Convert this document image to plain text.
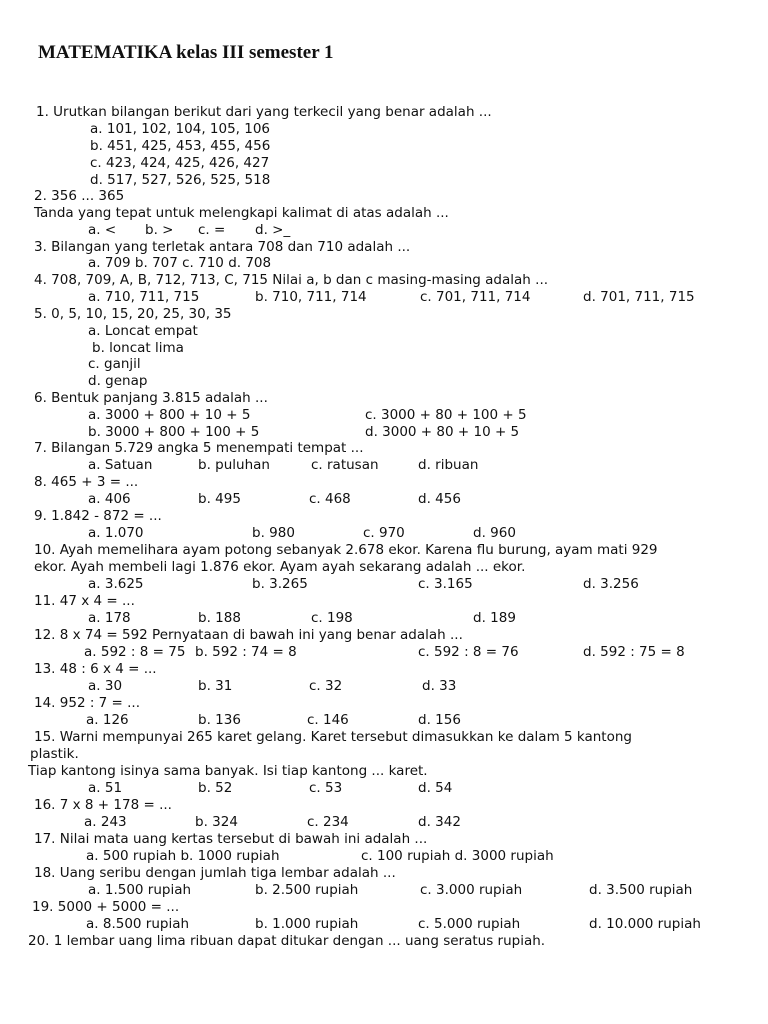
MATEMATIKA kelas III semester 1
1. Urutkan bilangan berikut dari yang terkecil yang benar adalah ...
a. 101, 102, 104, 105, 106
b. 451, 425, 453, 455, 456
c. 423, 424, 425, 426, 427
d. 517, 527, 526, 525, 518
2. 356 ... 365
Tanda yang tepat untuk melengkapi kalimat di atas adalah ...
a. < b. > c. = d. >_
3. Bilangan yang terletak antara 708 dan 710 adalah ...
a. 709 b. 707 c. 710 d. 708
4. 708, 709, A, B, 712, 713, C, 715 Nilai a, b dan c masing-masing adalah ...
a. 710, 711, 715	b. 710, 711, 714	c. 701, 711, 714	d. 701, 711, 715
5. 0, 5, 10, 15, 20, 25, 30, 35
a. Loncat empat
b. loncat lima
c. ganjil
d. genap
6. Bentuk panjang 3.815 adalah ...
a. 3000 + 800 + 10 + 5	c. 3000 + 80 + 100 + 5
b. 3000 + 800 + 100 + 5	d. 3000 + 80 + 10 + 5
7. Bilangan 5.729 angka 5 menempati tempat ...
a. Satuan	b. puluhan	c. ratusan	d. ribuan
8. 465 + 3 = ...
a. 406	b. 495	c. 468	d. 456
9. 1.842 - 872 = ...
a. 1.070	b. 980	c. 970	d. 960
10. Ayah memelihara ayam potong sebanyak 2.678 ekor. Karena flu burung, ayam mati 929
ekor. Ayah membeli lagi 1.876 ekor. Ayam ayah sekarang adalah ... ekor.
a. 3.625	b. 3.265	c. 3.165	d. 3.256
11. 47 x 4 = ...
a. 178	b. 188	c. 198	d. 189
12. 8 x 74 = 592 Pernyataan di bawah ini yang benar adalah ...
a. 592 : 8 = 75 b. 592 : 74 = 8	c. 592 : 8 = 76	d. 592 : 75 = 8
13. 48 : 6 x 4 = ...
a. 30	b. 31	c. 32	d. 33
14. 952 : 7 = ...
a. 126	b. 136	c. 146	d. 156
15. Warni mempunyai 265 karet gelang. Karet tersebut dimasukkan ke dalam 5 kantong
plastik.
Tiap kantong isinya sama banyak. Isi tiap kantong ... karet.
a. 51	b. 52	c. 53	d. 54
16. 7 x 8 + 178 = ...
a. 243	b. 324	c. 234	d. 342
17. Nilai mata uang kertas tersebut di bawah ini adalah ...
a. 500 rupiah b. 1000 rupiah	c. 100 rupiah d. 3000 rupiah
18. Uang seribu dengan jumlah tiga lembar adalah ...
a. 1.500 rupiah	b. 2.500 rupiah	c. 3.000 rupiah	d. 3.500 rupiah
19. 5000 + 5000 = ...
a. 8.500 rupiah	b. 1.000 rupiah	c. 5.000 rupiah	d. 10.000 rupiah
20. 1 lembar uang lima ribuan dapat ditukar dengan ... uang seratus rupiah.
